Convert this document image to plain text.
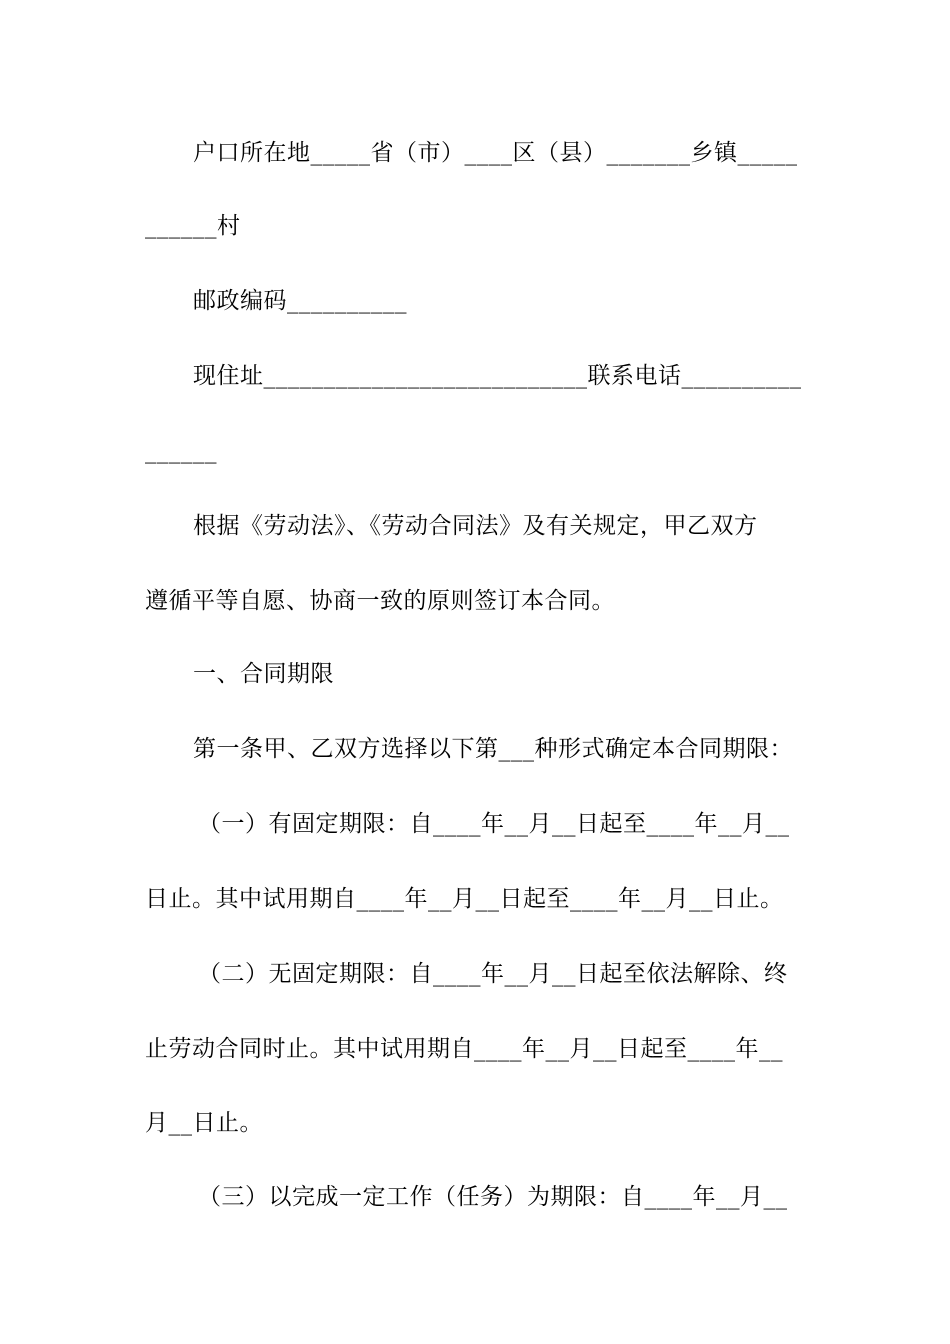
户口所在地_____省（市）____区（县）_______乡镇_____
______村
邮政编码__________
现住址___________________________联系电话__________
______
根据《劳动法》、《劳动合同法》及有关规定，甲乙双方
遵循平等自愿、协商一致的原则签订本合同。
一、合同期限
第一条甲、乙双方选择以下第___种形式确定本合同期限：
（一）有固定期限：自____年__月__日起至____年__月__
日止。其中试用期自____年__月__日起至____年__月__日止。
（二）无固定期限：自____年__月__日起至依法解除、终
止劳动合同时止。其中试用期自____年__月__日起至____年__
月__日止。
（三）以完成一定工作（任务）为期限：自____年__月__
